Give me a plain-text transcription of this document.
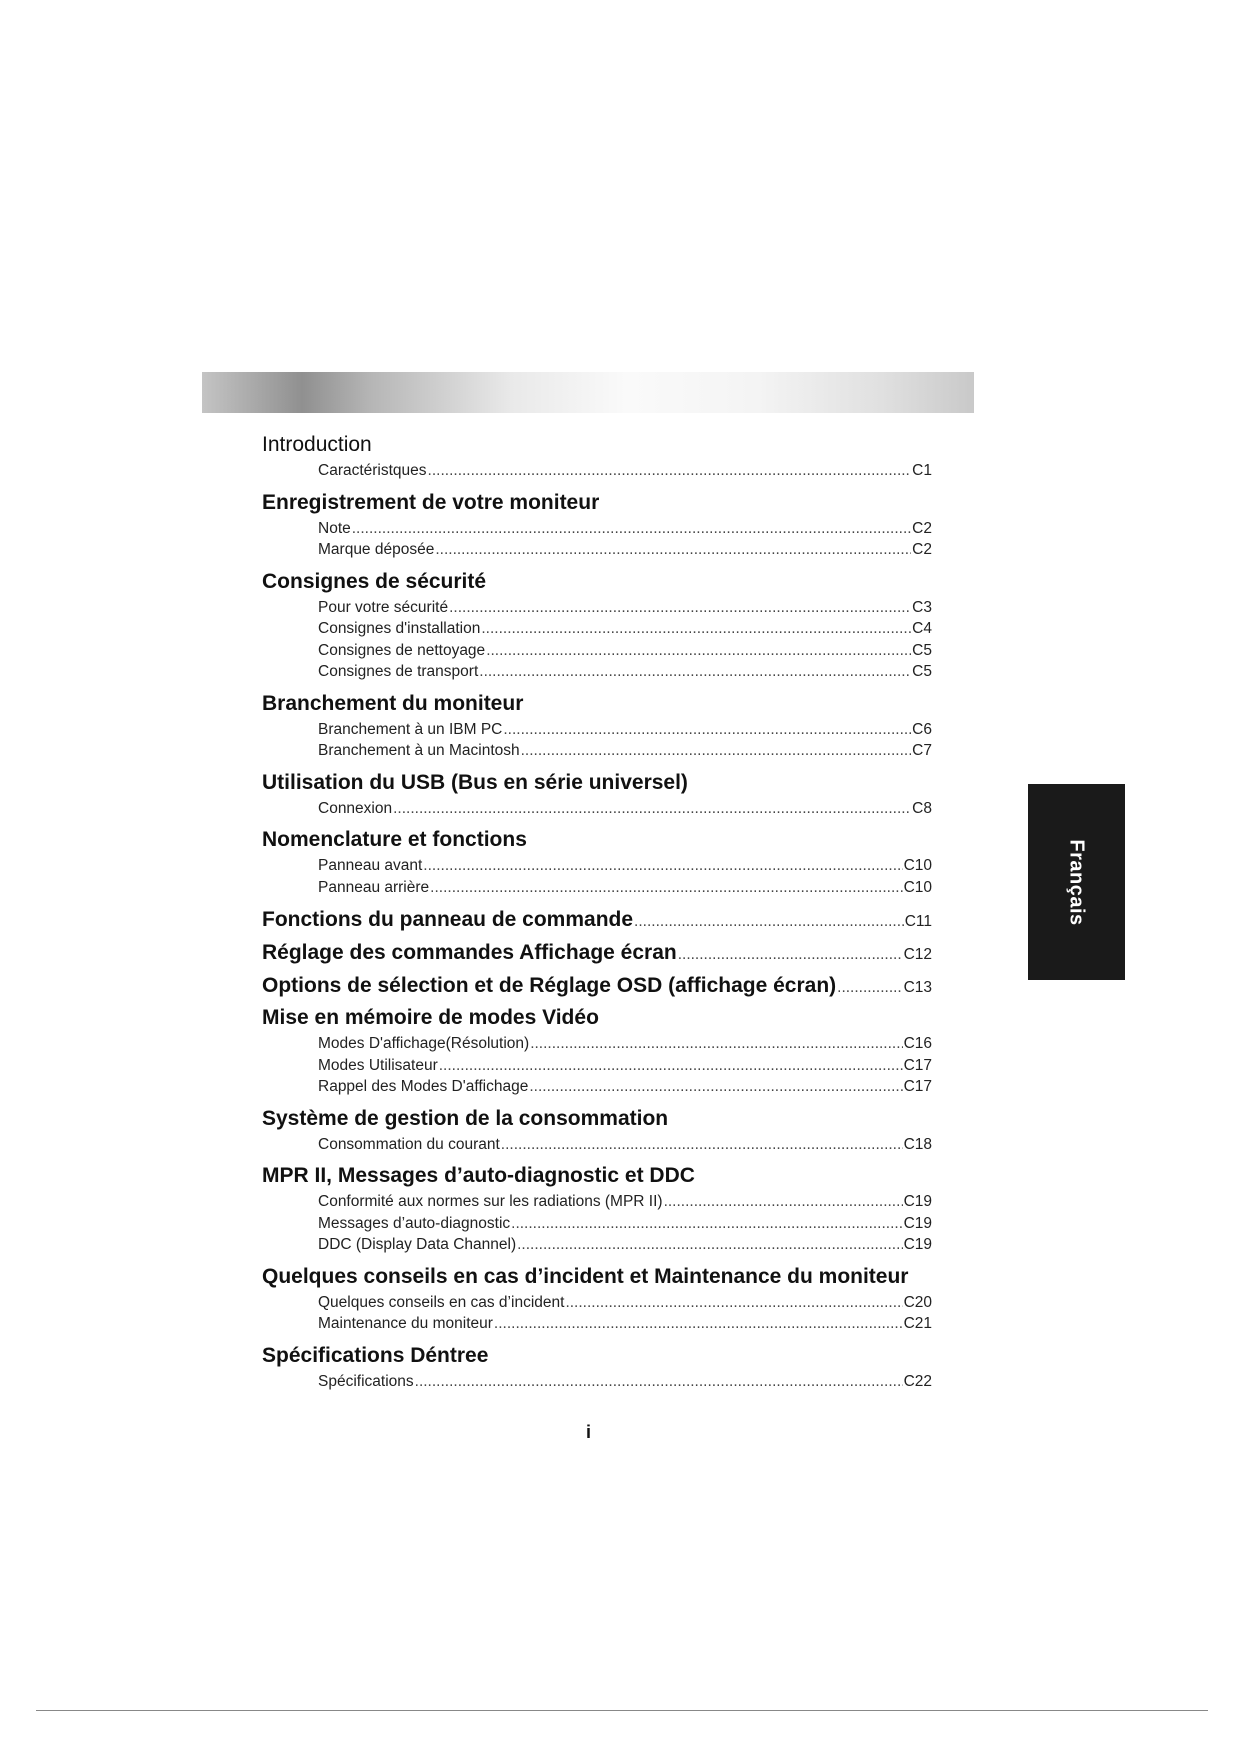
Introduction
Caractéristques .....	C1
Enregistrement de votre moniteur
Note .....	C2
Marque déposée .....	C2
Consignes de sécurité
Pour votre sécurité .....	C3
Consignes d'installation .....	C4
Consignes de nettoyage .....	C5
Consignes de transport .....	C5
Branchement du moniteur
Branchement à un IBM PC .....	C6
Branchement à un Macintosh .....	C7
Utilisation du USB (Bus en série universel)
Connexion .....	C8
Nomenclature et fonctions
Panneau avant .....	C10
Panneau arrière .....	C10
Fonctions du panneau de commande .....	C11
Réglage des commandes Affichage écran .....	C12
Options de sélection et de Réglage OSD (affichage écran) .....	C13
Mise en mémoire de modes Vidéo
Modes D'affichage(Résolution) .....	C16
Modes Utilisateur .....	C17
Rappel des Modes D'affichage .....	C17
Système de gestion de la consommation
Consommation du courant .....	C18
MPR II, Messages d’auto-diagnostic et DDC
Conformité aux normes sur les radiations (MPR II) .....	C19
Messages d’auto-diagnostic .....	C19
DDC (Display Data Channel) .....	C19
Quelques conseils en cas d’incident et Maintenance du moniteur
Quelques conseils en cas d’incident .....	C20
Maintenance du moniteur .....	C21
Spécifications Déntree
Spécifications .....	C22
Français
i
